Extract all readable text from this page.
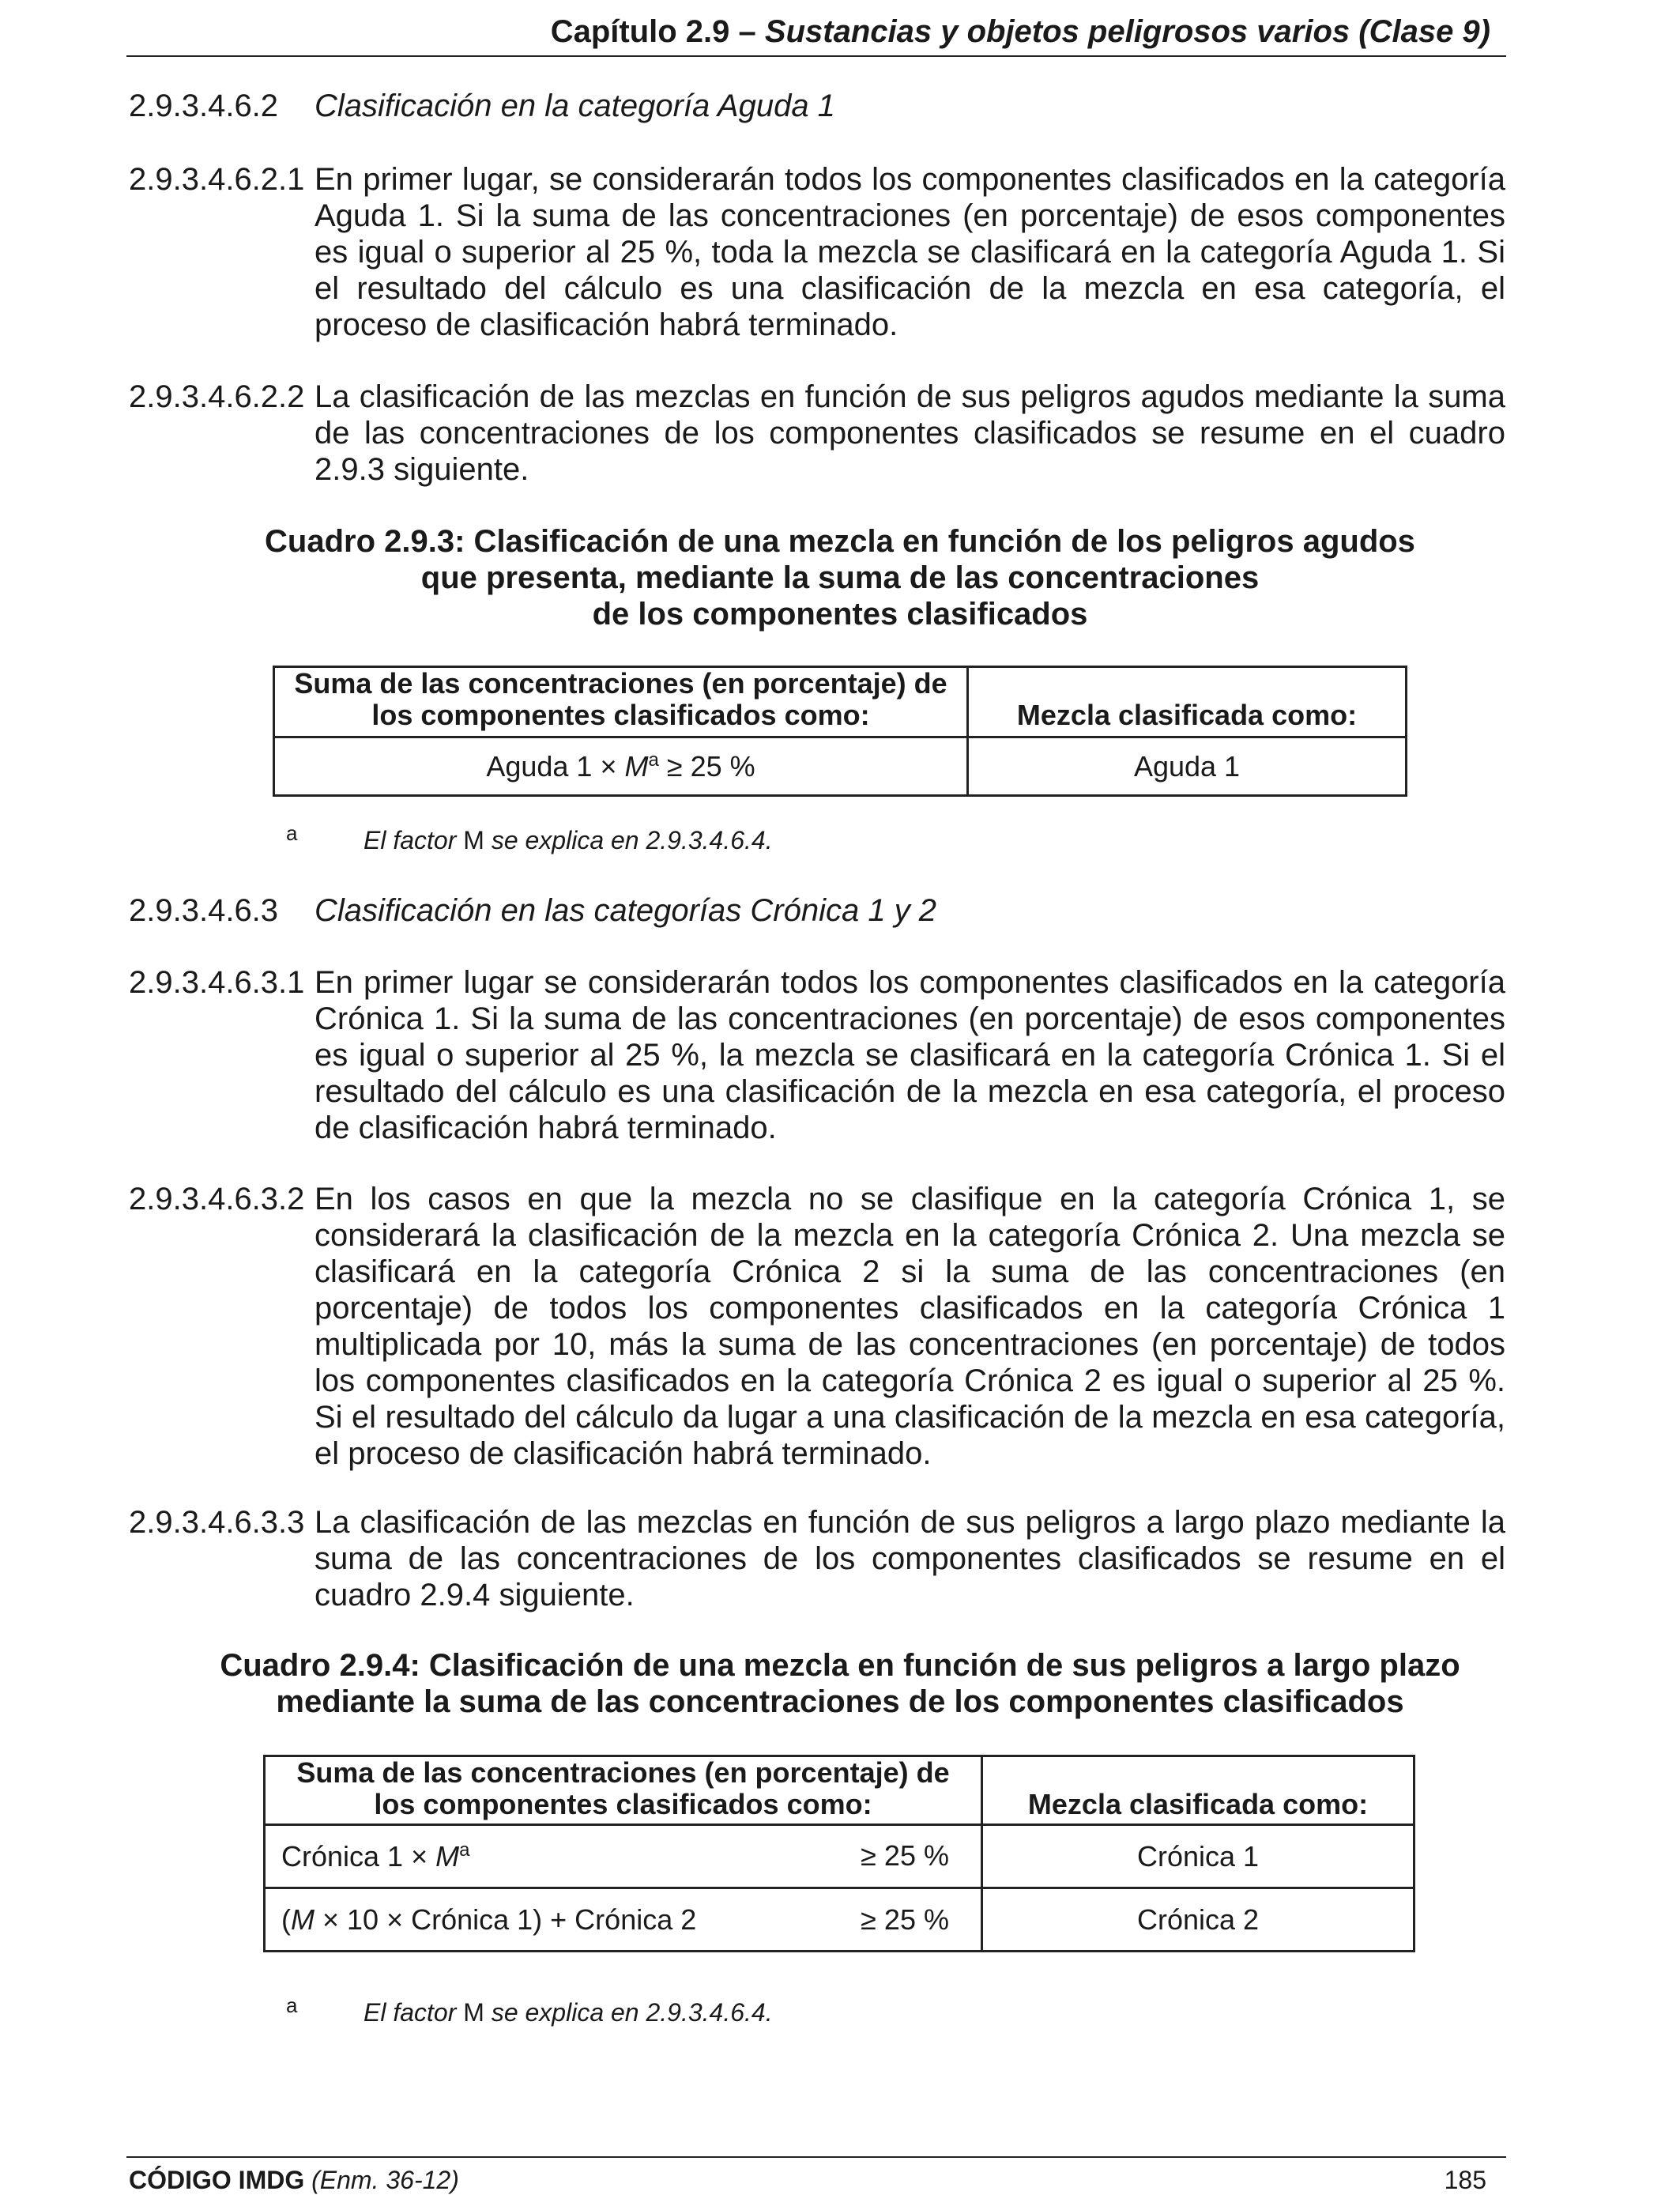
Capítulo 2.9 – Sustancias y objetos peligrosos varios (Clase 9)
2.9.3.4.6.2 Clasificación en la categoría Aguda 1
2.9.3.4.6.2.1 En primer lugar, se considerarán todos los componentes clasificados en la categoría Aguda 1. Si la suma de las concentraciones (en porcentaje) de esos componentes es igual o superior al 25 %, toda la mezcla se clasificará en la categoría Aguda 1. Si el resultado del cálculo es una clasificación de la mezcla en esa categoría, el proceso de clasificación habrá terminado.
2.9.3.4.6.2.2 La clasificación de las mezclas en función de sus peligros agudos mediante la suma de las concentraciones de los componentes clasificados se resume en el cuadro 2.9.3 siguiente.
Cuadro 2.9.3: Clasificación de una mezcla en función de los peligros agudos
que presenta, mediante la suma de las concentraciones
de los componentes clasificados
Suma de las concentraciones (en porcentaje) de
los componentes clasificados como:	Mezcla clasificada como:
Aguda $1 \times M^a \ge 25$ %	Aguda 1
a	El factor M se explica en 2.9.3.4.6.4.
2.9.3.4.6.3 Clasificación en las categorías Crónica 1 y 2
2.9.3.4.6.3.1 En primer lugar se considerarán todos los componentes clasificados en la categoría Crónica 1. Si la suma de las concentraciones (en porcentaje) de esos componentes es igual o superior al 25 %, la mezcla se clasificará en la categoría Crónica 1. Si el resultado del cálculo es una clasificación de la mezcla en esa categoría, el proceso de clasificación habrá terminado.
2.9.3.4.6.3.2 En los casos en que la mezcla no se clasifique en la categoría Crónica 1, se considerará la clasificación de la mezcla en la categoría Crónica 2. Una mezcla se clasificará en la categoría Crónica 2 si la suma de las concentraciones (en porcentaje) de todos los componentes clasificados en la categoría Crónica 1 multiplicada por 10, más la suma de las concentraciones (en porcentaje) de todos los componentes clasificados en la categoría Crónica 2 es igual o superior al 25 %. Si el resultado del cálculo da lugar a una clasificación de la mezcla en esa categoría, el proceso de clasificación habrá terminado.
2.9.3.4.6.3.3 La clasificación de las mezclas en función de sus peligros a largo plazo mediante la suma de las concentraciones de los componentes clasificados se resume en el cuadro 2.9.4 siguiente.
Cuadro 2.9.4: Clasificación de una mezcla en función de sus peligros a largo plazo
mediante la suma de las concentraciones de los componentes clasificados
Suma de las concentraciones (en porcentaje) de
los componentes clasificados como:	Mezcla clasificada como:

Crónica $1 \times M^a \ge 25$ %	Crónica 1

(M × 10 × Crónica 1) + Crónica 2 ≥ 25 %	Crónica 2
a	El factor M se explica en 2.9.3.4.6.4.
CÓDIGO IMDG (Enm. 36-12)	185
